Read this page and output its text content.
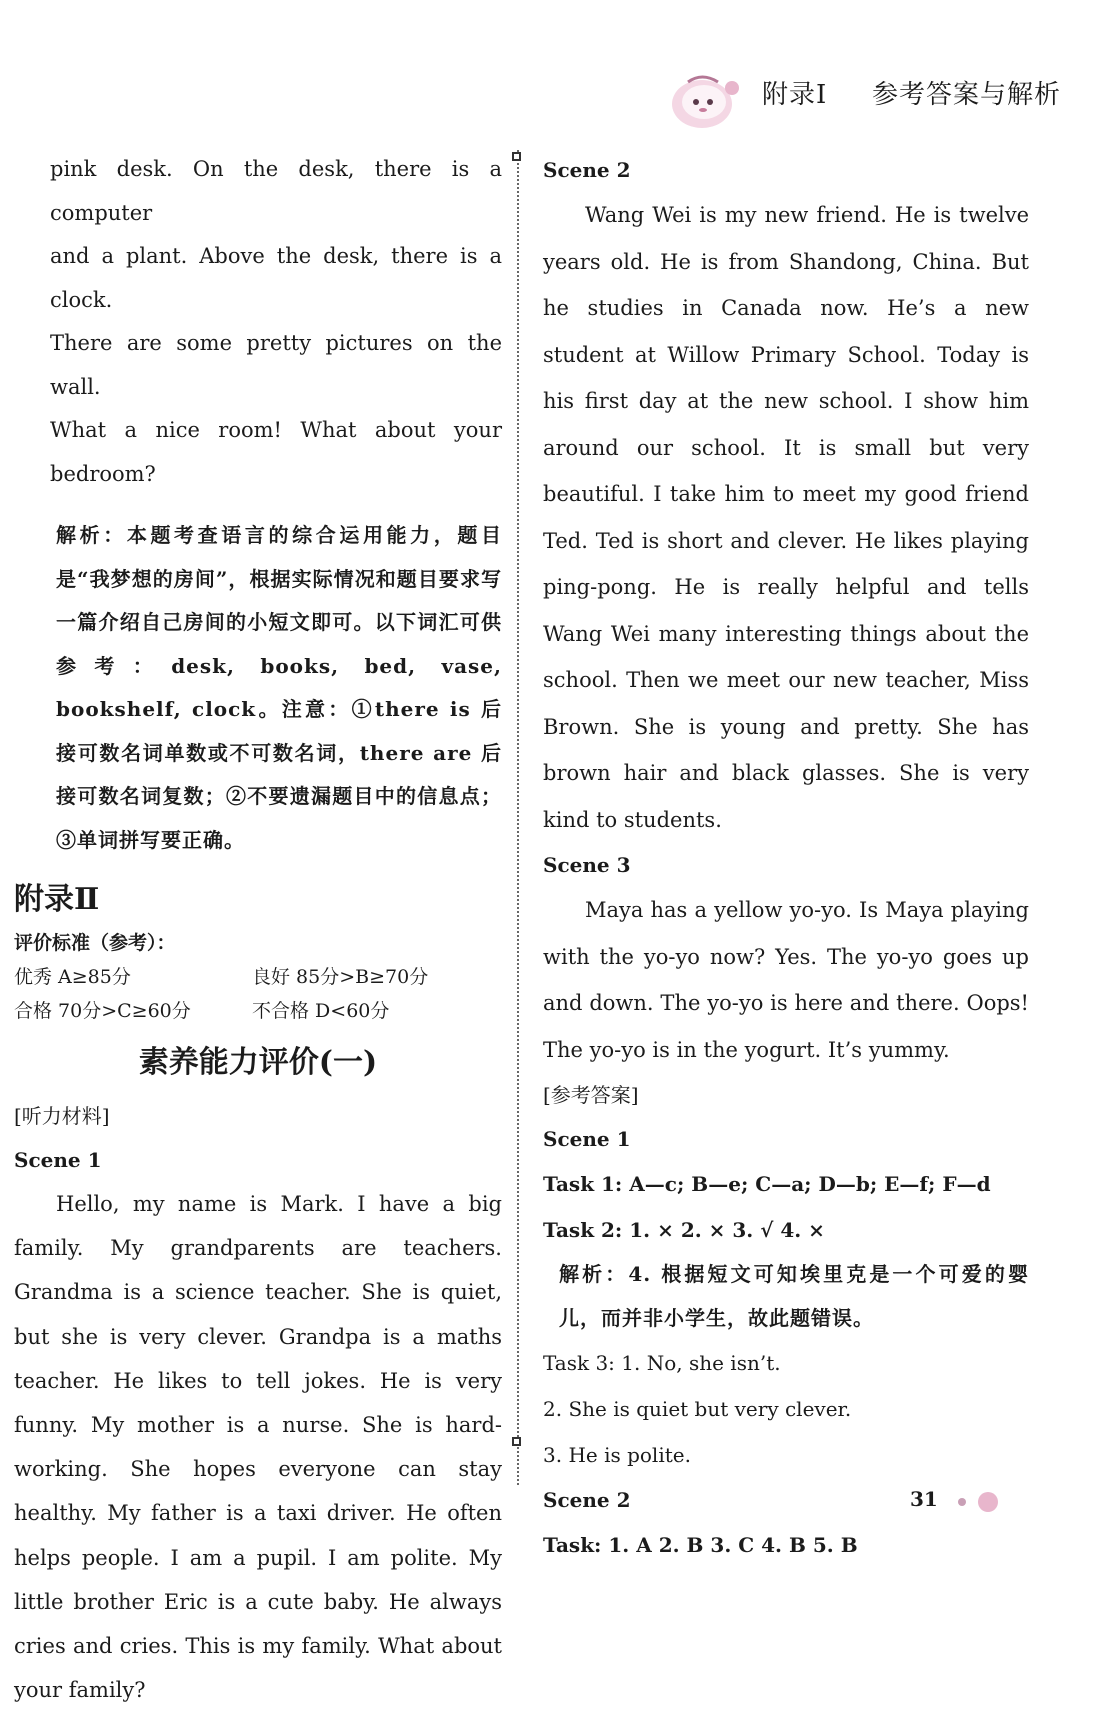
附录Ⅰ 参考答案与解析

pink desk. On the desk, there is a computer

and a plant. Above the desk, there is a clock.

There are some pretty pictures on the wall.

What a nice room! What about your bedroom?

解析：本题考查语言的综合运用能力，题目是“我梦想的房间”，根据实际情况和题目要求写一篇介绍自己房间的小短文即可。以下词汇可供参考：desk, books, bed, vase, bookshelf, clock。注意：①there is 后接可数名词单数或不可数名词，there are 后接可数名词复数；②不要遗漏题目中的信息点；③单词拼写要正确。

附录Ⅱ
评价标准（参考）：
优秀 A≥85分	良好 85分>B≥70分
合格 70分>C≥60分	不合格 D<60分
素养能力评价(一)
[听力材料]
Scene 1

Hello, my name is Mark. I have a big family. My grandparents are teachers. Grandma is a science teacher. She is quiet, but she is very clever. Grandpa is a maths teacher. He likes to tell jokes. He is very funny. My mother is a nurse. She is hard-working. She hopes everyone can stay healthy. My father is a taxi driver. He often helps people. I am a pupil. I am polite. My little brother Eric is a cute baby. He always cries and cries. This is my family. What about your family?

Scene 2

Wang Wei is my new friend. He is twelve years old. He is from Shandong, China. But he studies in Canada now. He’s a new student at Willow Primary School. Today is his first day at the new school. I show him around our school. It is small but very beautiful. I take him to meet my good friend Ted. Ted is short and clever. He likes playing ping-pong. He is really helpful and tells Wang Wei many interesting things about the school. Then we meet our new teacher, Miss Brown. She is young and pretty. She has brown hair and black glasses. She is very kind to students.

Scene 3

Maya has a yellow yo-yo. Is Maya playing with the yo-yo now? Yes. The yo-yo goes up and down. The yo-yo is here and there. Oops! The yo-yo is in the yogurt. It’s yummy.

[参考答案]
Scene 1
Task 1: A—c; B—e; C—a; D—b; E—f; F—d
Task 2: 1. × 2. × 3. √ 4. ×

解析：4. 根据短文可知埃里克是一个可爱的婴儿，而并非小学生，故此题错误。

Task 3: 1. No, she isn’t.
2. She is quiet but very clever.
3. He is polite.
Scene 2
Task: 1. A 2. B 3. C 4. B 5. B
31
